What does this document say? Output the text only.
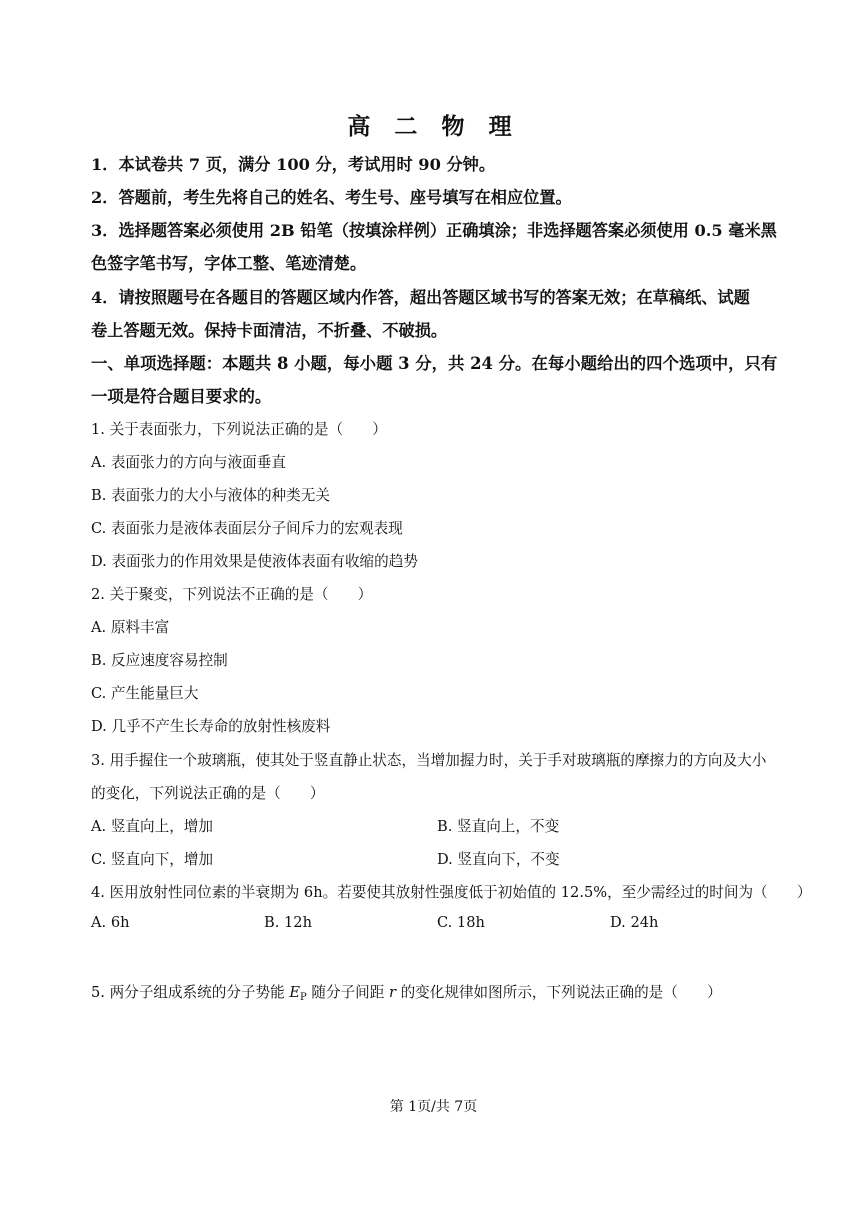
高 二 物 理
1．本试卷共 7 页，满分 100 分，考试用时 90 分钟。
2．答题前，考生先将自己的姓名、考生号、座号填写在相应位置。
3．选择题答案必须使用 2B 铅笔（按填涂样例）正确填涂；非选择题答案必须使用 0.5 毫米黑
色签字笔书写，字体工整、笔迹清楚。
4．请按照题号在各题目的答题区域内作答，超出答题区域书写的答案无效；在草稿纸、试题
卷上答题无效。保持卡面清洁，不折叠、不破损。
一、单项选择题：本题共 8 小题，每小题 3 分，共 24 分。在每小题给出的四个选项中，只有
一项是符合题目要求的。
1. 关于表面张力，下列说法正确的是（　　）
A. 表面张力的方向与液面垂直
B. 表面张力的大小与液体的种类无关
C. 表面张力是液体表面层分子间斥力的宏观表现
D. 表面张力的作用效果是使液体表面有收缩的趋势
2. 关于聚变，下列说法不正确的是（　　）
A. 原料丰富
B. 反应速度容易控制
C. 产生能量巨大
D. 几乎不产生长寿命的放射性核废料
3. 用手握住一个玻璃瓶，使其处于竖直静止状态，当增加握力时，关于手对玻璃瓶的摩擦力的方向及大小
的变化，下列说法正确的是（　　）
A. 竖直向上，增加	B. 竖直向上，不变
C. 竖直向下，增加	D. 竖直向下，不变
4. 医用放射性同位素的半衰期为 6h。若要使其放射性强度低于初始值的 12.5%，至少需经过的时间为（　　）
A. 6h	B. 12h	C. 18h	D. 24h
5. 两分子组成系统的分子势能 $E_P$ 随分子间距 r 的变化规律如图所示，下列说法正确的是（　　）
第 1页/共 7页
